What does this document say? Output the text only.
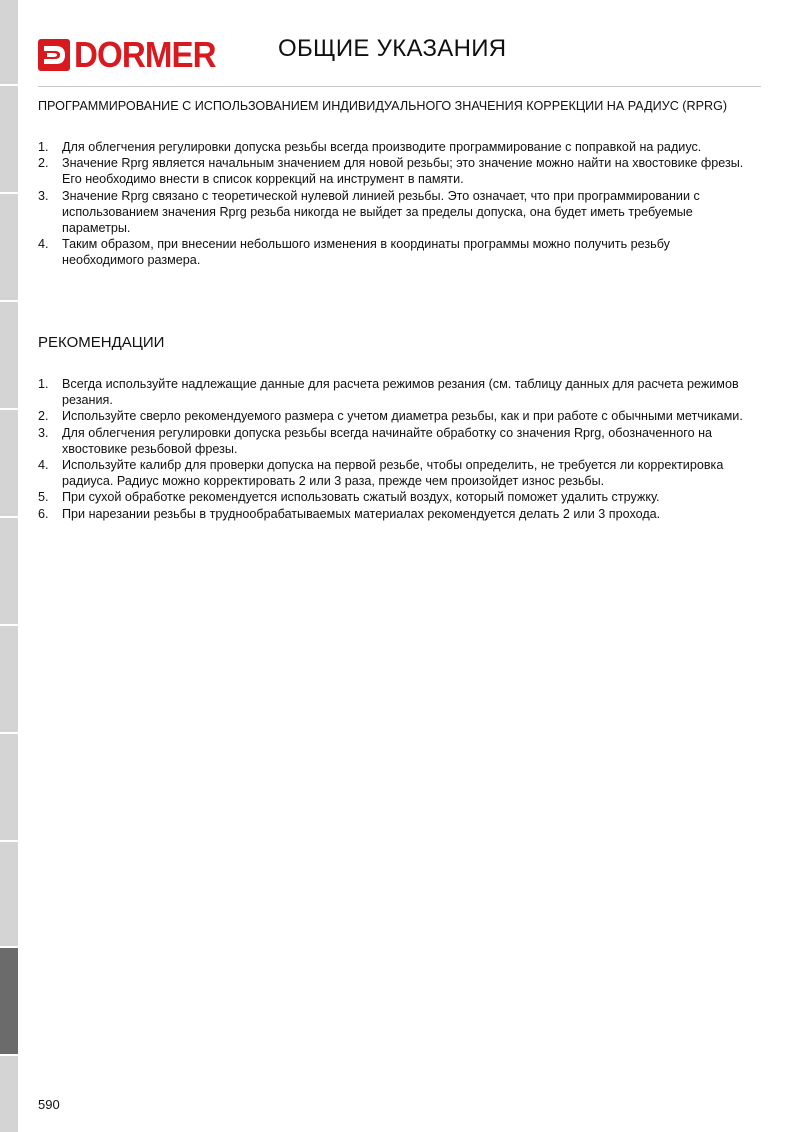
DORMER	ОБЩИЕ УКАЗАНИЯ
ПРОГРАММИРОВАНИЕ С ИСПОЛЬЗОВАНИЕМ ИНДИВИДУАЛЬНОГО ЗНАЧЕНИЯ КОРРЕКЦИИ НА РАДИУС (RPRG)
1. Для облегчения регулировки допуска резьбы всегда производите программирование с поправкой на радиус.
2. Значение Rprg является начальным значением для новой резьбы; это значение можно найти на хвостовике фрезы. Его необходимо внести в список коррекций на инструмент в памяти.
3. Значение Rprg связано с теоретической нулевой линией резьбы. Это означает, что при программировании с использованием значения Rprg резьба никогда не выйдет за пределы допуска, она будет иметь требуемые параметры.
4. Таким образом, при внесении небольшого изменения в координаты программы можно получить резьбу необходимого размера.
РЕКОМЕНДАЦИИ
1. Всегда используйте надлежащие данные для расчета режимов резания (см. таблицу данных для расчета режимов резания.
2. Используйте сверло рекомендуемого размера с учетом диаметра резьбы, как и при работе с обычными метчиками.
3. Для облегчения регулировки допуска резьбы всегда начинайте обработку со значения Rprg, обозначенного на хвостовике резьбовой фрезы.
4. Используйте калибр для проверки допуска на первой резьбе, чтобы определить, не требуется ли корректировка радиуса. Радиус можно корректировать 2 или 3 раза, прежде чем произойдет износ резьбы.
5. При сухой обработке рекомендуется использовать сжатый воздух, который поможет удалить стружку.
6. При нарезании резьбы в труднообрабатываемых материалах рекомендуется делать 2 или 3 прохода.
590
